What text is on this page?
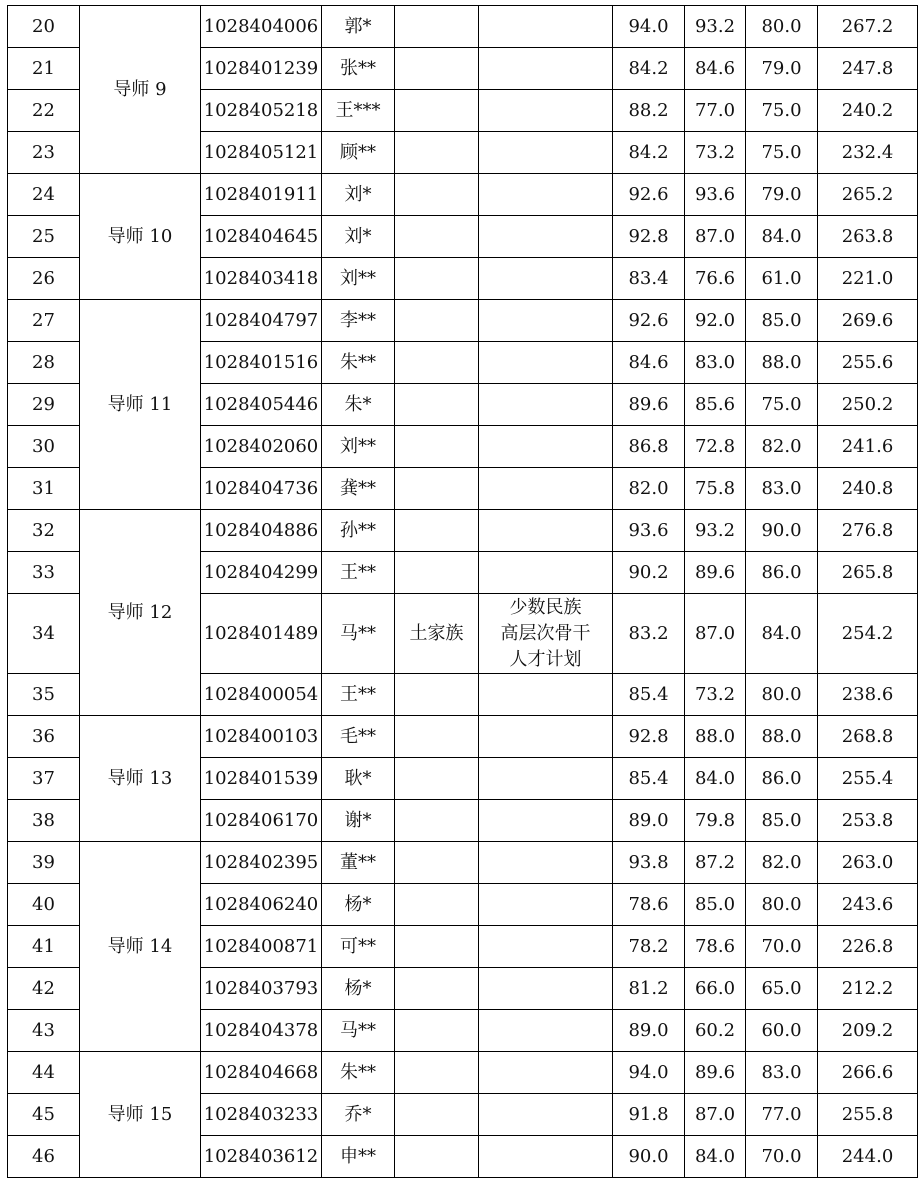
20	导师 9	1028404006	郭*			94.0	93.2	80.0	267.2
21		1028401239	张**			84.2	84.6	79.0	247.8
22		1028405218	王***			88.2	77.0	75.0	240.2
23		1028405121	顾**			84.2	73.2	75.0	232.4
24	导师 10	1028401911	刘*			92.6	93.6	79.0	265.2
25		1028404645	刘*			92.8	87.0	84.0	263.8
26		1028403418	刘**			83.4	76.6	61.0	221.0
27	导师 11	1028404797	李**			92.6	92.0	85.0	269.6
28		1028401516	朱**			84.6	83.0	88.0	255.6
29		1028405446	朱*			89.6	85.6	75.0	250.2
30		1028402060	刘**			86.8	72.8	82.0	241.6
31		1028404736	龚**			82.0	75.8	83.0	240.8
32	导师 12	1028404886	孙**			93.6	93.2	90.0	276.8
33		1028404299	王**			90.2	89.6	86.0	265.8
34		1028401489	马**	土家族	少数民族
高层次骨干
人才计划	83.2	87.0	84.0	254.2
35		1028400054	王**			85.4	73.2	80.0	238.6
36	导师 13	1028400103	毛**			92.8	88.0	88.0	268.8
37		1028401539	耿*			85.4	84.0	86.0	255.4
38		1028406170	谢*			89.0	79.8	85.0	253.8
39	导师 14	1028402395	董**			93.8	87.2	82.0	263.0
40		1028406240	杨*			78.6	85.0	80.0	243.6
41		1028400871	可**			78.2	78.6	70.0	226.8
42		1028403793	杨*			81.2	66.0	65.0	212.2
43		1028404378	马**			89.0	60.2	60.0	209.2
44	导师 15	1028404668	朱**			94.0	89.6	83.0	266.6
45		1028403233	乔*			91.8	87.0	77.0	255.8
46		1028403612	申**			90.0	84.0	70.0	244.0
